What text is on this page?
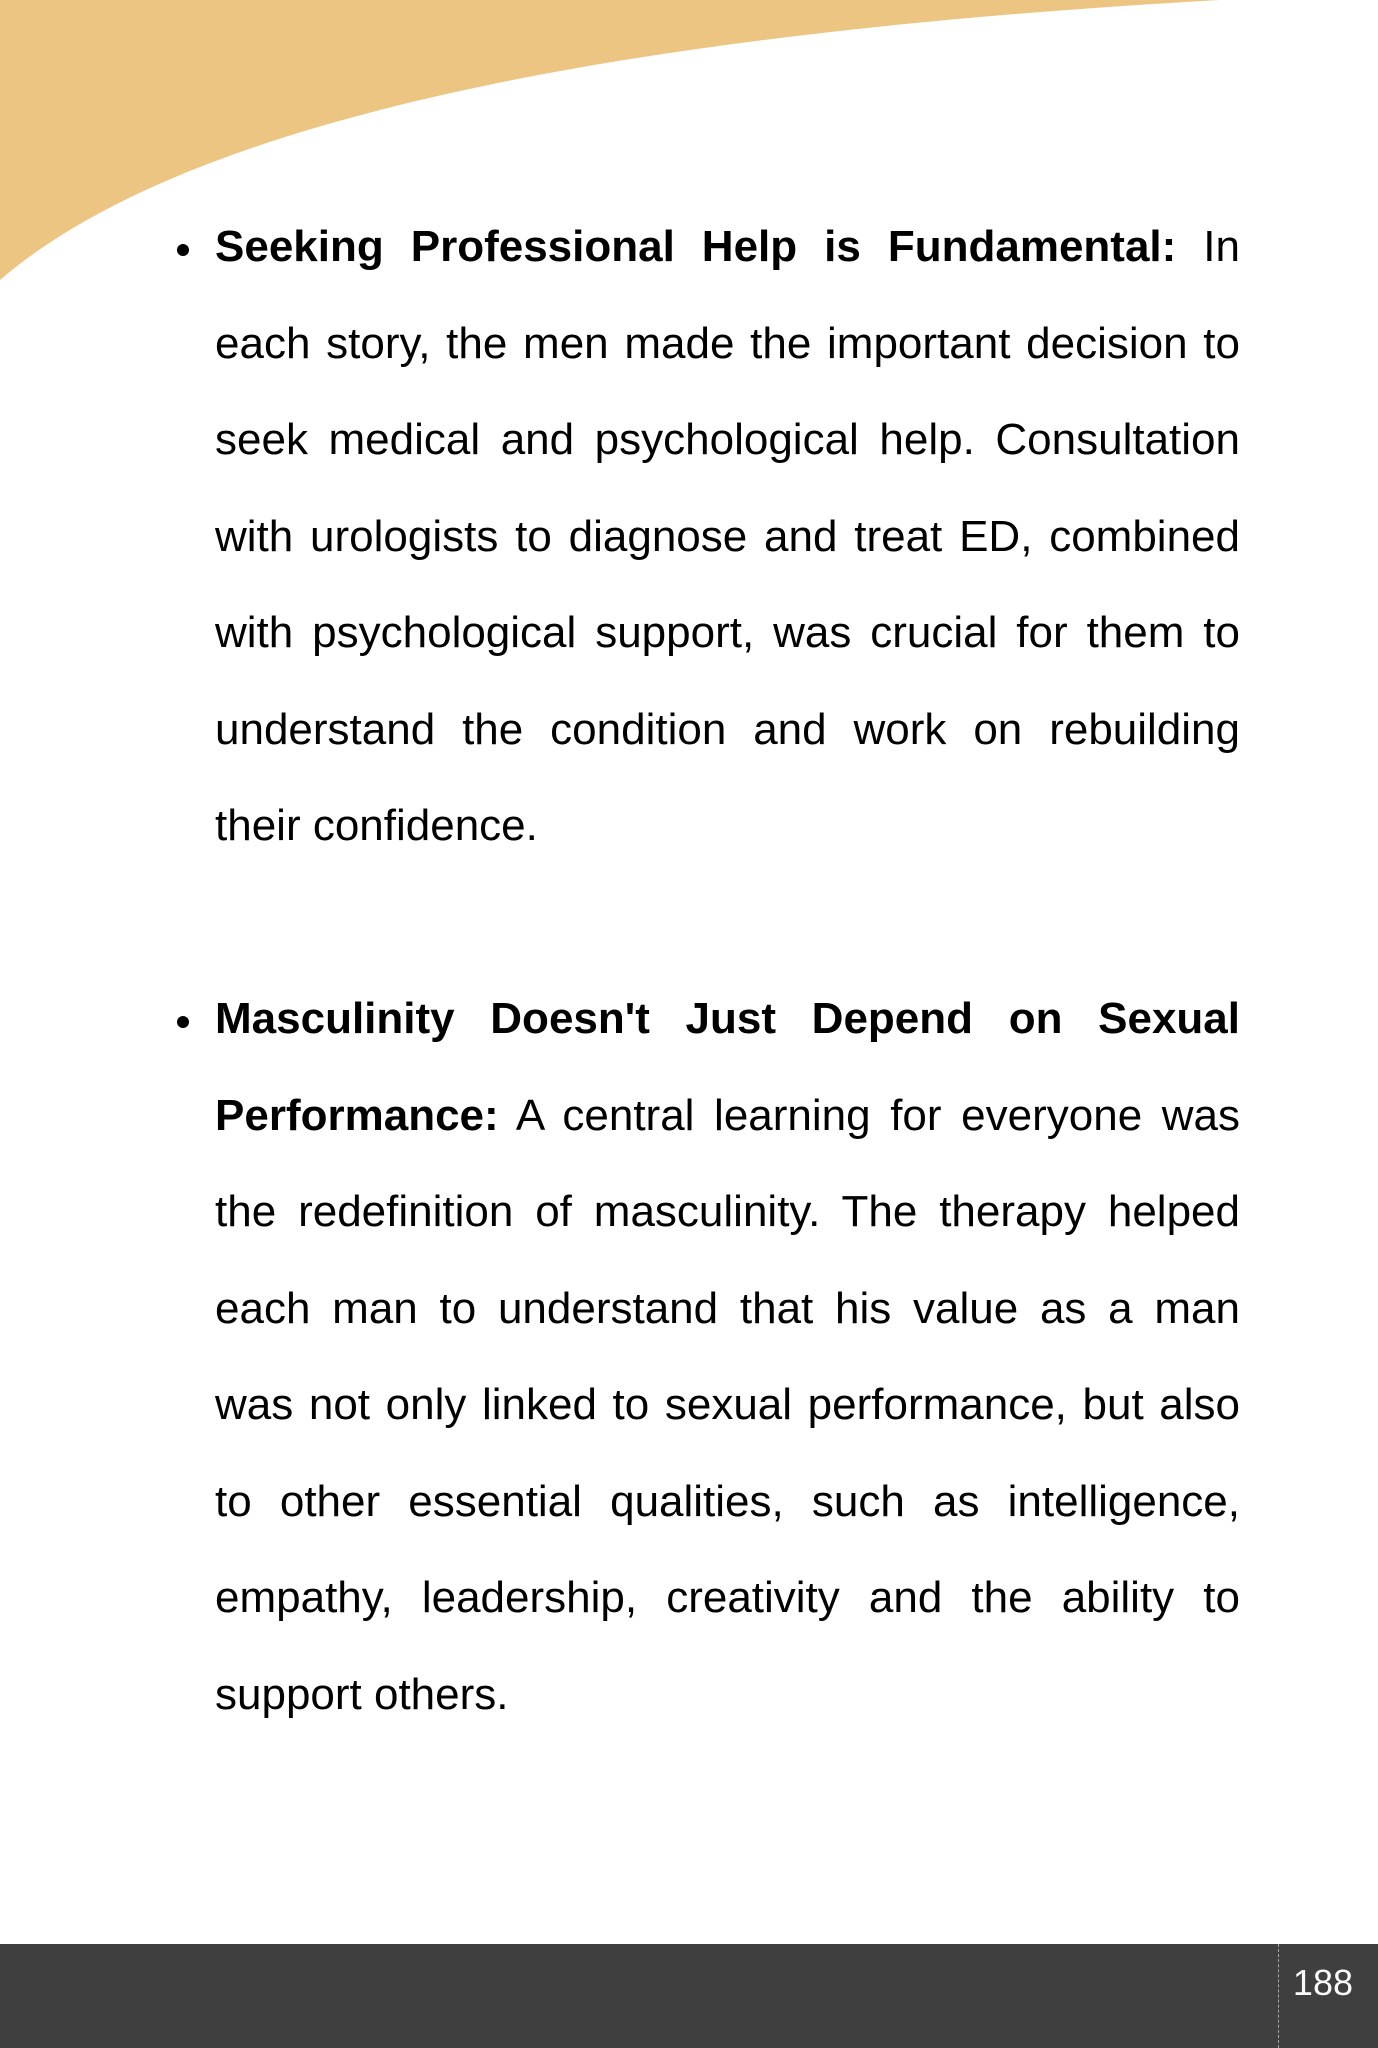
Seeking Professional Help is Fundamental: In
each story, the men made the important decision to
seek medical and psychological help. Consultation
with urologists to diagnose and treat ED, combined
with psychological support, was crucial for them to
understand the condition and work on rebuilding
their confidence.
Masculinity Doesn't Just Depend on Sexual
Performance: A central learning for everyone was
the redefinition of masculinity. The therapy helped
each man to understand that his value as a man
was not only linked to sexual performance, but also
to other essential qualities, such as intelligence,
empathy, leadership, creativity and the ability to
support others.
188
